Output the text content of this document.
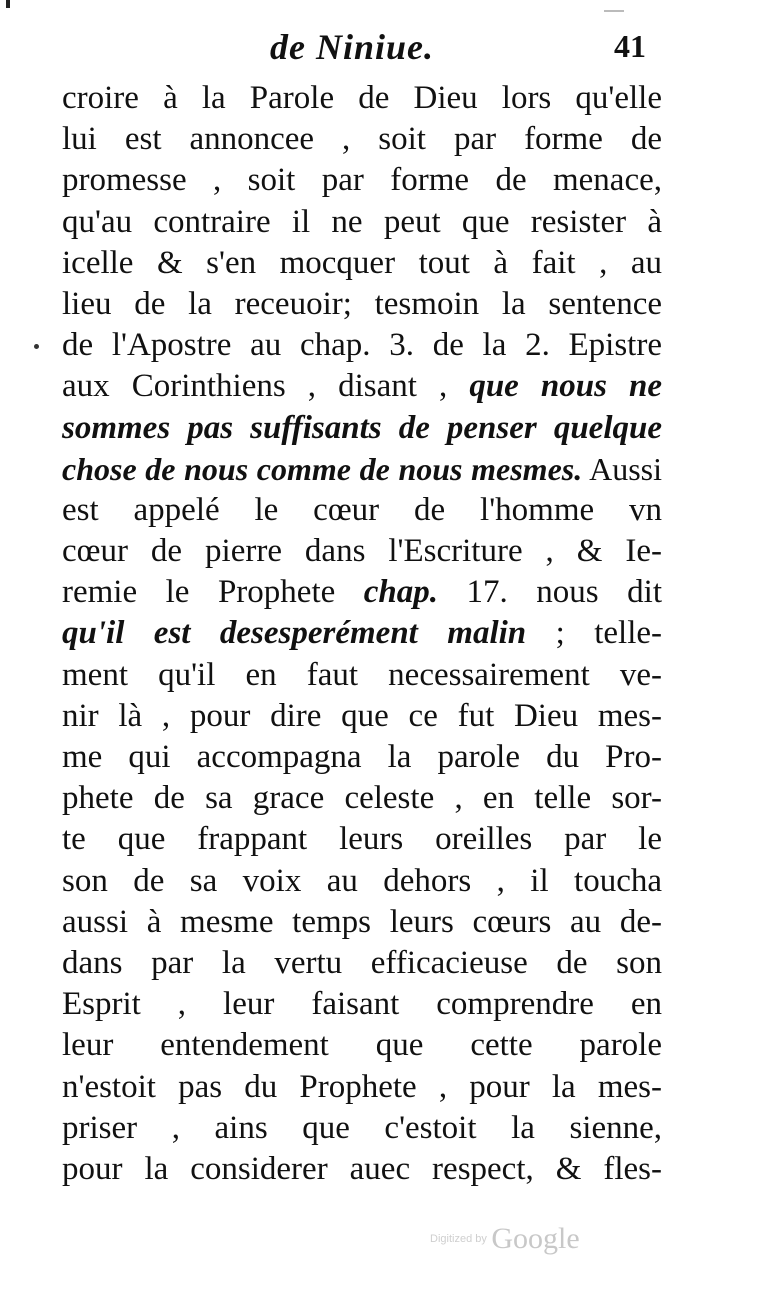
de Niniue.	41
croire à la Parole de Dieu lors qu'elle
lui est annoncee , soit par forme de
promesse , soit par forme de menace,
qu'au contraire il ne peut que resister à
icelle & s'en mocquer tout à fait , au
lieu de la receuoir; tesmoin la sentence
de l'Apostre au chap. 3. de la 2. Epistre
aux Corinthiens , disant , que nous ne
sommes pas suffisants de penser quelque
chose de nous comme de nous mesmes. Aussi
est appelé le cœur de l'homme vn
cœur de pierre dans l'Escriture , & Ie-
remie le Prophete chap. 17. nous dit
qu'il est desesperément malin ; telle-
ment qu'il en faut necessairement ve-
nir là , pour dire que ce fut Dieu mes-
me qui accompagna la parole du Pro-
phete de sa grace celeste , en telle sor-
te que frappant leurs oreilles par le
son de sa voix au dehors , il toucha
aussi à mesme temps leurs cœurs au de-
dans par la vertu efficacieuse de son
Esprit , leur faisant comprendre en
leur entendement que cette parole
n'estoit pas du Prophete , pour la mes-
priser , ains que c'estoit la sienne,
pour la considerer auec respect, & fles-
Digitized by Google
